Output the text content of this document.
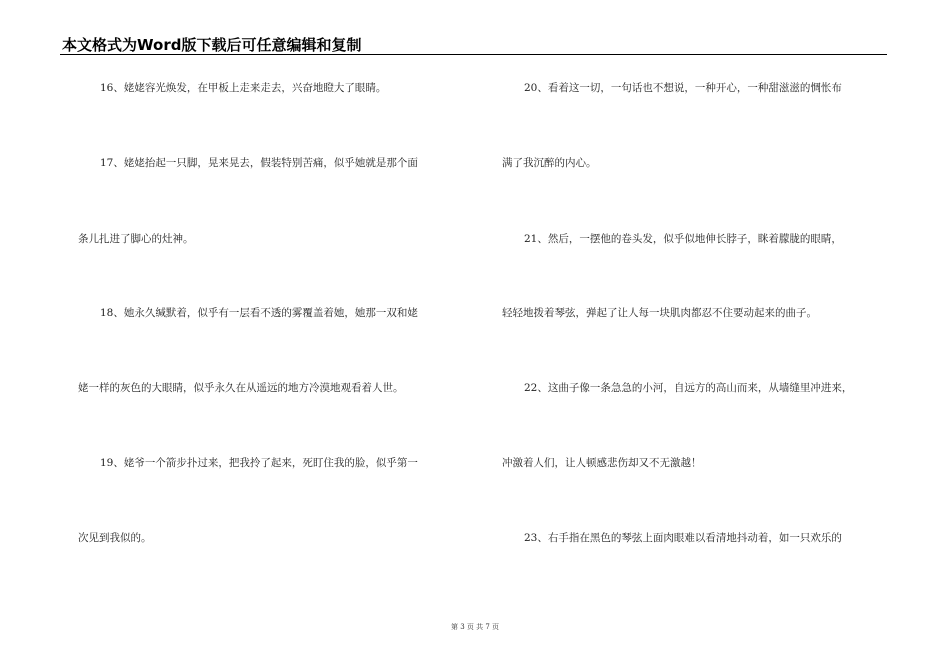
本文格式为Word版下载后可任意编辑和复制
16、姥姥容光焕发，在甲板上走来走去，兴奋地瞪大了眼睛。
17、姥姥抬起一只脚，晃来晃去，假装特别苦痛，似乎她就是那个面
条儿扎进了脚心的灶神。
18、她永久缄默着，似乎有一层看不透的雾覆盖着她，她那一双和姥
姥一样的灰色的大眼睛，似乎永久在从遥远的地方冷漠地观看着人世。
19、姥爷一个箭步扑过来，把我拎了起来，死盯住我的脸，似乎第一
次见到我似的。
20、看着这一切，一句话也不想说，一种开心，一种甜滋滋的惆怅布
满了我沉醉的内心。
21、然后，一摆他的卷头发，似乎似地伸长脖子，眯着朦胧的眼睛，
轻轻地拨着琴弦，弹起了让人每一块肌肉都忍不住要动起来的曲子。
22、这曲子像一条急急的小河，自远方的高山而来，从墙缝里冲进来，
冲激着人们，让人顿感悲伤却又不无激越！
23、右手指在黑色的琴弦上面肉眼难以看清地抖动着，如一只欢乐的
第 3 页 共 7 页
